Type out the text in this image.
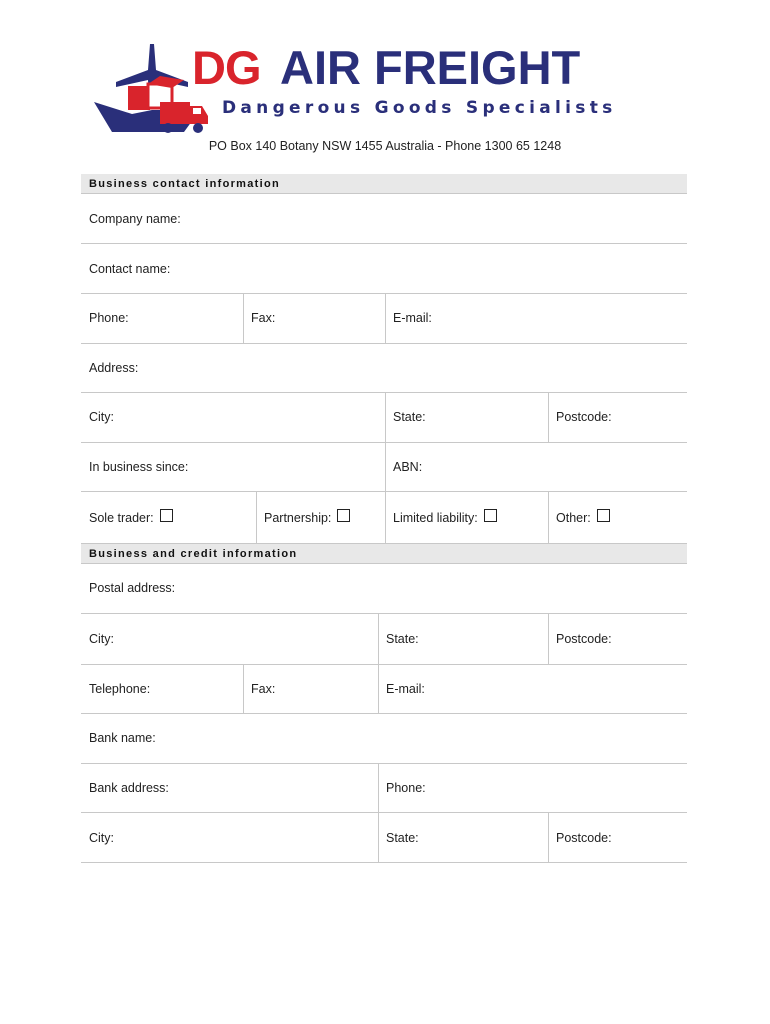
DG AIR FREIGHT
Dangerous Goods Specialists
PO Box 140 Botany NSW 1455 Australia - Phone 1300 65 1248
Business contact information
Company name:
Contact name:
Phone:	Fax:	E-mail:
Address:
City:	State:	Postcode:
In business since:	ABN:
Sole trader:	Partnership:	Limited liability:	Other:
Business and credit information
Postal address:
City:	State:	Postcode:
Telephone:	Fax:	E-mail:
Bank name:
Bank address:	Phone:
City:	State:	Postcode:
